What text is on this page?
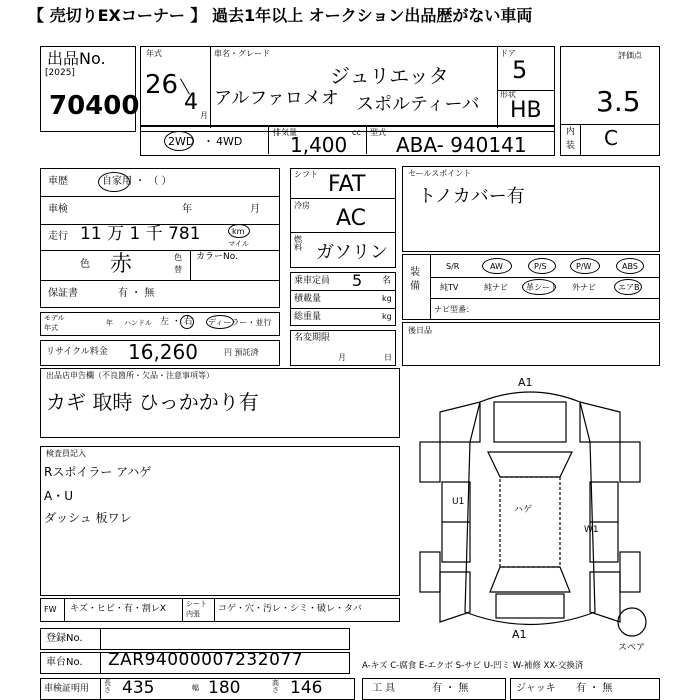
【 売切りEXコーナー 】 過去1年以上 オークション出品歴がない車両
出品No.
[2025]
70400
年式
26
4
月
車名・グレード
アルファロメオ
ジュリエッタ
スポルティーバ
ドア
5
形状
HB
2WD ・ 4WD
排気量
1,400
cc 型式
ABA- 940141
評価点
3.5
内
装 C
車歴	自家用 ・ （ ）
車検	年	月
走行 11 万 1 千 781	km
マイル
色 赤	色
替
カラーNo.
保証書	有 ・ 無
モデル
年式
年 ハンドル 左 ・ 右 ディーラー・並行
シフト FAT
冷房
AC
燃料 ガソリン
乗車定員 5 名
積載量	kg
総重量	kg
名変期限
月	日
リサイクル料金 16,260	円 預託済
セールスポイント
トノカバー有
装
備
S/R	AW	P/S	P/W	ABS
純TV	純ナビ 革シート 外ナビ	エアB
ナビ型番：
後日品
出品店申告欄（不良箇所・欠品・注意事項等）
カギ 取時 ひっかかり有
検査員記入
Rスポイラー アハゲ
A・U
ダッシュ 板ワレ
FW キズ・ヒビ・有・割レX	シート
内張 コゲ・穴・汚レ・シミ・破レ・タバ
登録No.
車台No. ZAR94000007232077	A-キズ C-腐食 E-エクボ S-サビ U-凹ミ W-補修 XX-交換済
車検証明用
長さ 435	幅 180	高さ 146	工 具	有 ・ 無	ジャッキ 有 ・ 無
A1
A1
U1
ハゲ
W1
スペア
